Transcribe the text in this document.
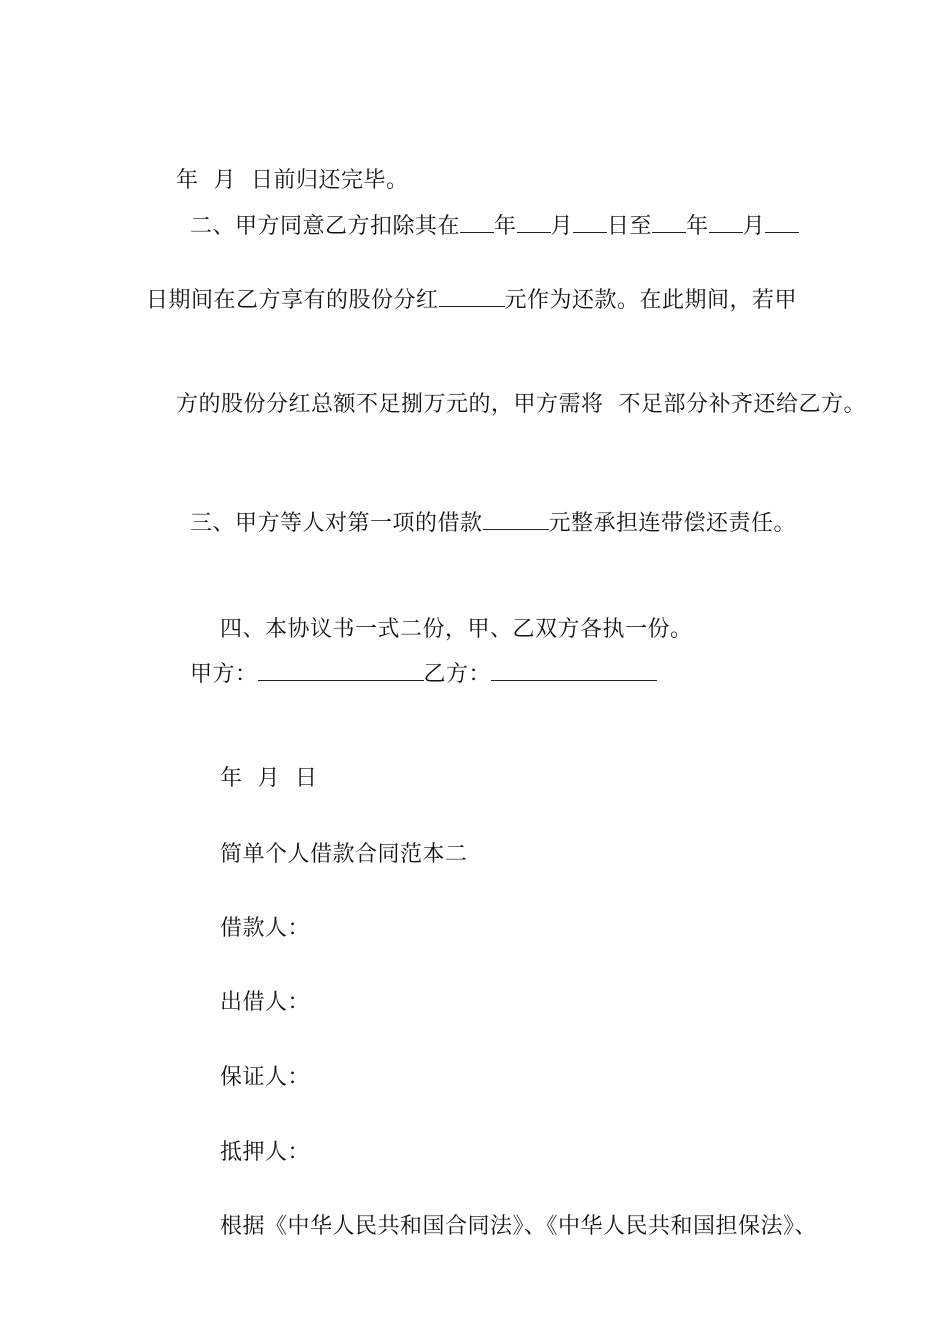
年  月  日前归还完毕。

二、甲方同意乙方扣除其在 年 月 日至 年 月
日期间在乙方享有的股份分红	元作为还款。在此期间，若甲

方的股份分红总额不足捌万元的，甲方需将  不足部分补齐还给乙方。

三、甲方等人对第一项的借款	元整承担连带偿还责任。

四、本协议书一式二份，甲、乙双方各执一份。

甲方：	乙方：

年  月  日

简单个人借款合同范本二

借款人：

出借人：

保证人：

抵押人：

根据《中华人民共和国合同法》、《中华人民共和国担保法》、
